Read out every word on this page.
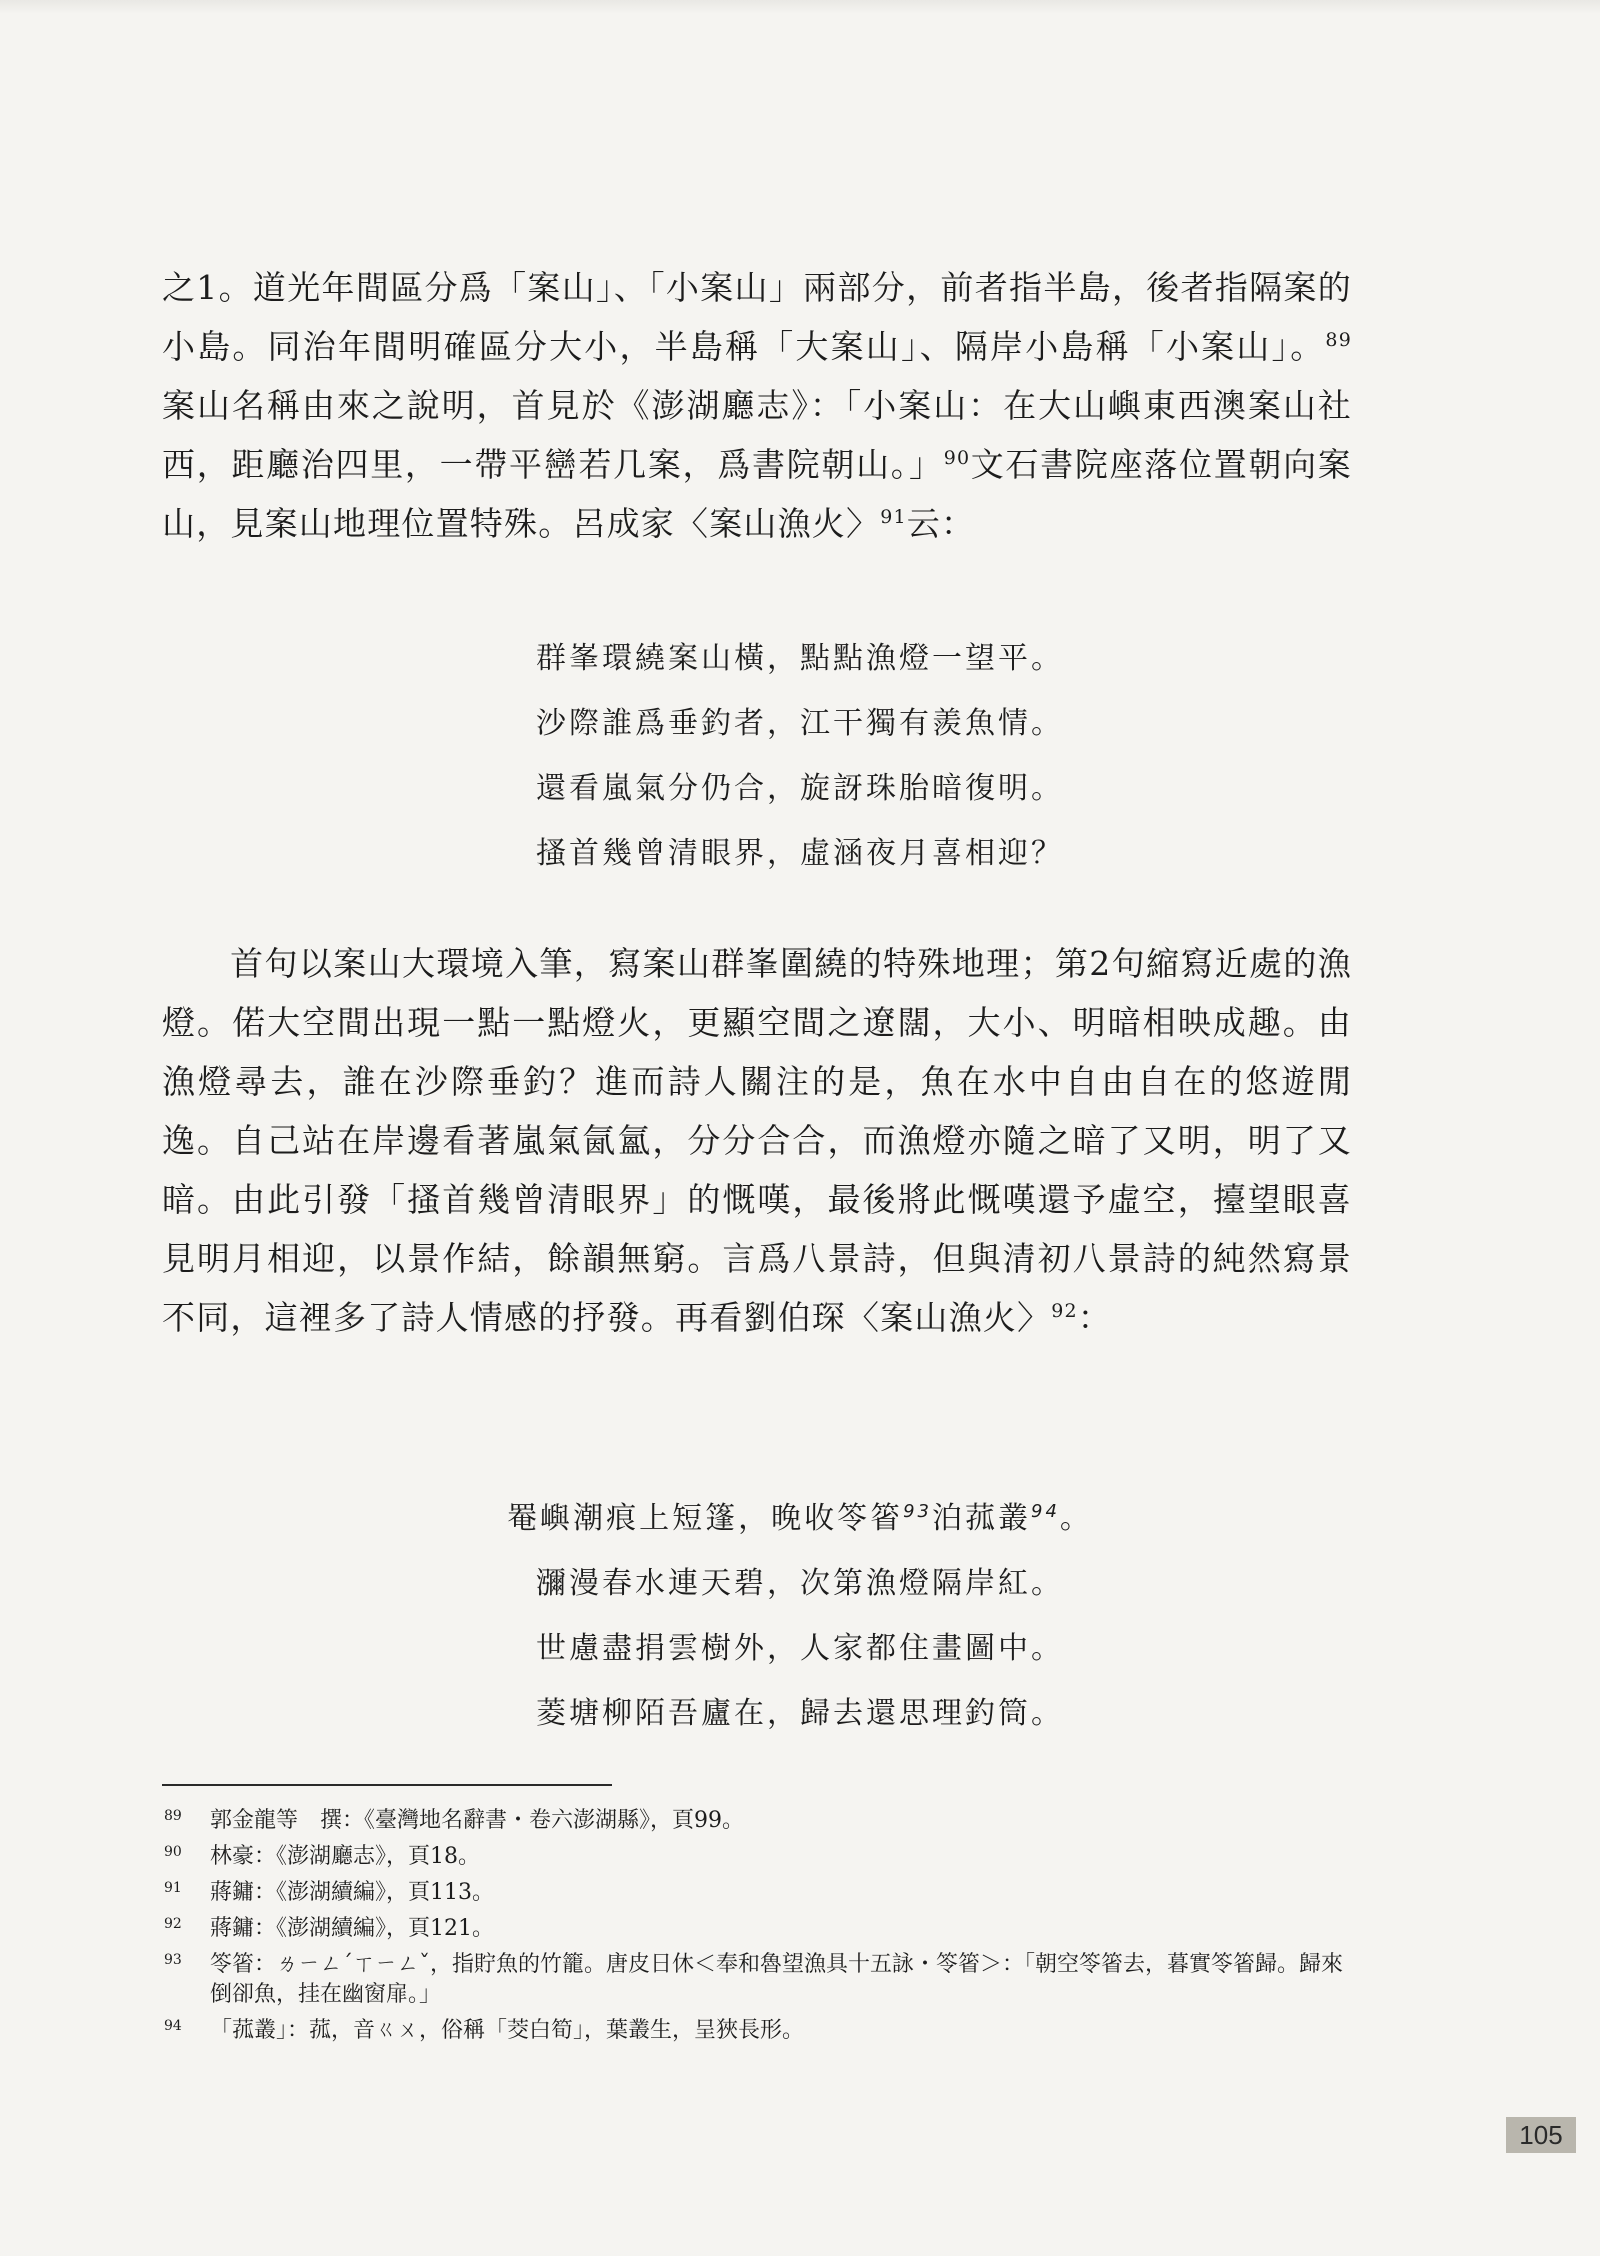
之1。道光年間區分爲「案山」、「小案山」兩部分，前者指半島，後者指隔案的小島。同治年間明確區分大小，半島稱「大案山」、隔岸小島稱「小案山」。$^{89}$案山名稱由來之說明，首見於《澎湖廳志》：「小案山：在大山嶼東西澳案山社西，距廳治四里，一帶平巒若几案，爲書院朝山。」$^{90}$文石書院座落位置朝向案山，見案山地理位置特殊。呂成家〈案山漁火〉$^{91}$云：

群峯環繞案山橫，點點漁燈一望平。
沙際誰爲垂釣者，江干獨有羨魚情。
還看嵐氣分仍合，旋訝珠胎暗復明。
搔首幾曾清眼界，虛涵夜月喜相迎？

首句以案山大環境入筆，寫案山群峯圍繞的特殊地理；第2句縮寫近處的漁燈。偌大空間出現一點一點燈火，更顯空間之遼闊，大小、明暗相映成趣。由漁燈尋去，誰在沙際垂釣？進而詩人關注的是，魚在水中自由自在的悠遊閒逸。自己站在岸邊看著嵐氣氤氳，分分合合，而漁燈亦隨之暗了又明，明了又暗。由此引發「搔首幾曾清眼界」的慨嘆，最後將此慨嘆還予虛空，擡望眼喜見明月相迎，以景作結，餘韻無窮。言爲八景詩，但與清初八景詩的純然寫景不同，這裡多了詩人情感的抒發。再看劉伯琛〈案山漁火〉$^{92}$：

罨嶼潮痕上短篷，晚收笭箵$^{93}$泊菰叢$^{94}$。
瀰漫春水連天碧，次第漁燈隔岸紅。
世慮盡捐雲樹外，人家都住畫圖中。
菱塘柳陌吾廬在，歸去還思理釣筒。
89 郭金龍等　撰：《臺灣地名辭書・卷六澎湖縣》，頁99。
90 林豪：《澎湖廳志》，頁18。
91 蔣鏞：《澎湖續編》，頁113。
92 蔣鏞：《澎湖續編》，頁121。
93 笭箵：ㄌㄧㄥˊㄒㄧㄥˇ，指貯魚的竹籠。唐皮日休＜奉和魯望漁具十五詠・笭箵＞：「朝空笭箵去，暮實笭箵歸。歸來倒卻魚，挂在幽窗扉。」
94 「菰叢」：菰，音ㄍㄨ，俗稱「茭白筍」，葉叢生，呈狹長形。
105
